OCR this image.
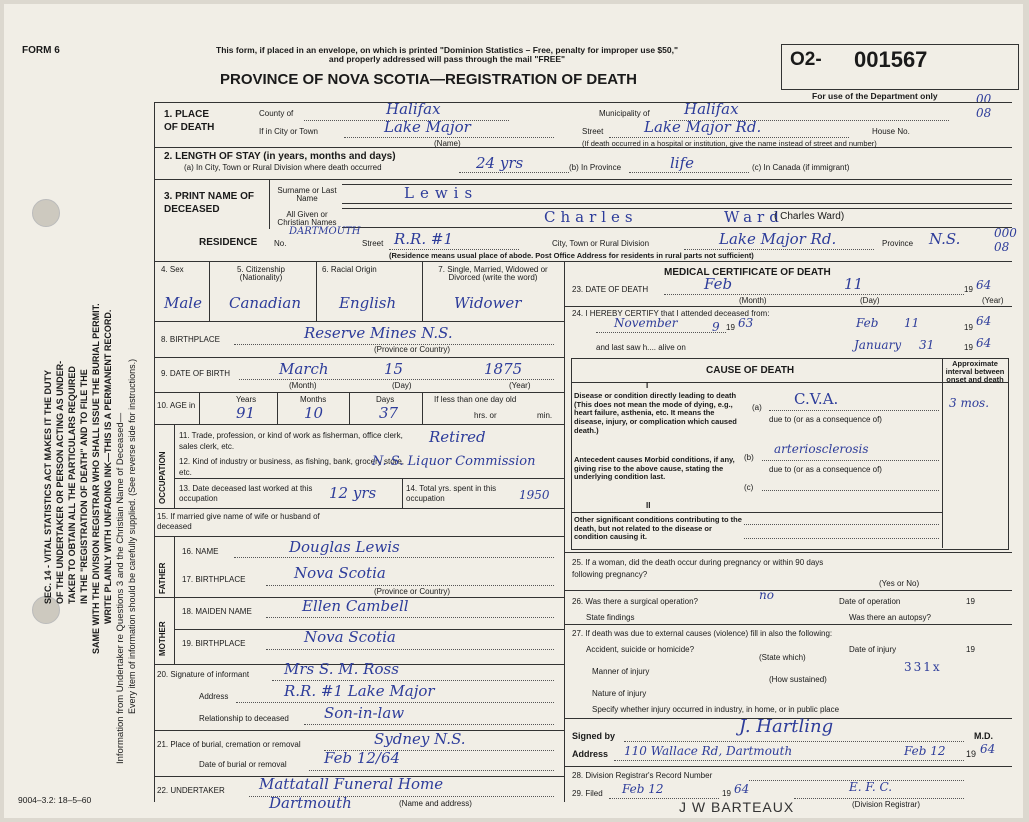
SEC. 14 - VITAL STATISTICS ACT MAKES IT THE DUTY OF THE UNDERTAKER OR PERSON ACTING AS UNDER- TAKER TO OBTAIN ALL THE PARTICULARS REQUIRED IN THE "REGISTRATION OF DEATH" AND TO FILE THE SAME WITH THE DIVISION REGISTRAR WHO SHALL ISSUE THE BURIAL PERMIT. WRITE PLAINLY WITH UNFADING INK—THIS IS A PERMANENT RECORD. Information from Undertaker re Questions 3 and the Christian Name of Deceased— Every item of information should be carefully supplied. (See reverse side for instructions.)
FORM 6	This form, if placed in an envelope, on which is printed "Dominion Statistics – Free, penalty for improper use $50," and properly addressed will pass through the mail "FREE"
PROVINCE OF NOVA SCOTIA—REGISTRATION OF DEATH
O2- 001567
For use of the Department only	00 08
1. PLACE OF DEATH
County of	Halifax	Municipality of Halifax
If in City or Town	Lake Major
(Name)
Street	Lake Major Rd.	House No.
(If death occurred in a hospital or institution, give the name instead of street and number)
2. LENGTH OF STAY (in years, months and days)
(a) In City, Town or Rural Division where death occurred	24 yrs	(b) In Province	life	(c) In Canada (if immigrant)
3. PRINT NAME OF DECEASED
Surname or Last Name
All Given or Christian Names
Lewis
Charles	Ward
( Charles Ward)
RESIDENCE No.
DARTMOUTH
Street R.R. #1	City, Town or Rural Division	Lake Major Rd.	Province N.S.	000 08
(Residence means usual place of abode. Post Office Address for residents in rural parts not sufficient)
4. Sex
Male
5. Citizenship (Nationality)
Canadian
6. Racial Origin
English
7. Single, Married, Widowed or Divorced (write the word)
Widower
8. BIRTHPLACE	Reserve Mines N.S.
(Province or Country)
9. DATE OF BIRTH	March	15	1875
(Month)	(Day)	(Year)
10. AGE in
Years
91
Months
10
Days
37
If less than one day old
hrs. or	min.
OCCUPATION
11. Trade, profession, or kind of work as fisherman, office clerk, sales clerk, etc.
Retired
12. Kind of industry or business, as fishing, bank, grocery store, etc.
N. S. Liquor Commission
13. Date deceased last worked at this occupation	12 yrs	14. Total yrs. spent in this occupation	1950
15. If married give name of wife or husband of deceased
FATHER
16. NAME	Douglas Lewis
17. BIRTHPLACE	Nova Scotia
(Province or Country)
MOTHER
18. MAIDEN NAME	Ellen Cambell
19. BIRTHPLACE	Nova Scotia
20. Signature of informant Mrs S. M. Ross
Address	R.R. #1 Lake Major
Relationship to deceased Son-in-law
21. Place of burial, cremation or removal	Sydney N.S.
Date of burial or removal Feb 12/64
22. UNDERTAKER Mattatall Funeral Home
Dartmouth	(Name and address)
9004–3.2: 18–5–60
MEDICAL CERTIFICATE OF DEATH
23. DATE OF DEATH	Feb	11	19 64
(Month)	(Day)	(Year)
24. I HEREBY CERTIFY that I attended deceased from:
November	9 19 63	Feb 11	19 64
and last saw h.... alive on	January 31	19 64
CAUSE OF DEATH
Approximate interval between onset and death
I
Disease or condition directly leading to death (This does not mean the mode of dying, e.g., heart failure, asthenia, etc. It means the disease, injury, or complication which caused death.)
(a) C.V.A.	3 mos.
due to (or as a consequence of)
Antecedent causes Morbid conditions, if any, giving rise to the above cause, stating the underlying condition last.
(b)
arteriosclerosis
due to (or as a consequence of)
(c)
II
Other significant conditions contributing to the death, but not related to the disease or condition causing it.
25. If a woman, did the death occur during pregnancy or within 90 days following pregnancy?
(Yes or No)
26. Was there a surgical operation?	no	Date of operation	19
State findings	Was there an autopsy?
27. If death was due to external causes (violence) fill in also the following:
Accident, suicide or homicide?
(State which)
Date of injury	19
Manner of injury	331x
(How sustained)
Nature of injury
Specify whether injury occurred in industry, in home, or in public place
Signed by	J. Hartling	M.D.
Address 110 Wallace Rd, Dartmouth	Feb 12 19 64
28. Division Registrar's Record Number
29. Filed Feb 12	19 64	E. F. C.
(Division Registrar)
J W BARTEAUX
